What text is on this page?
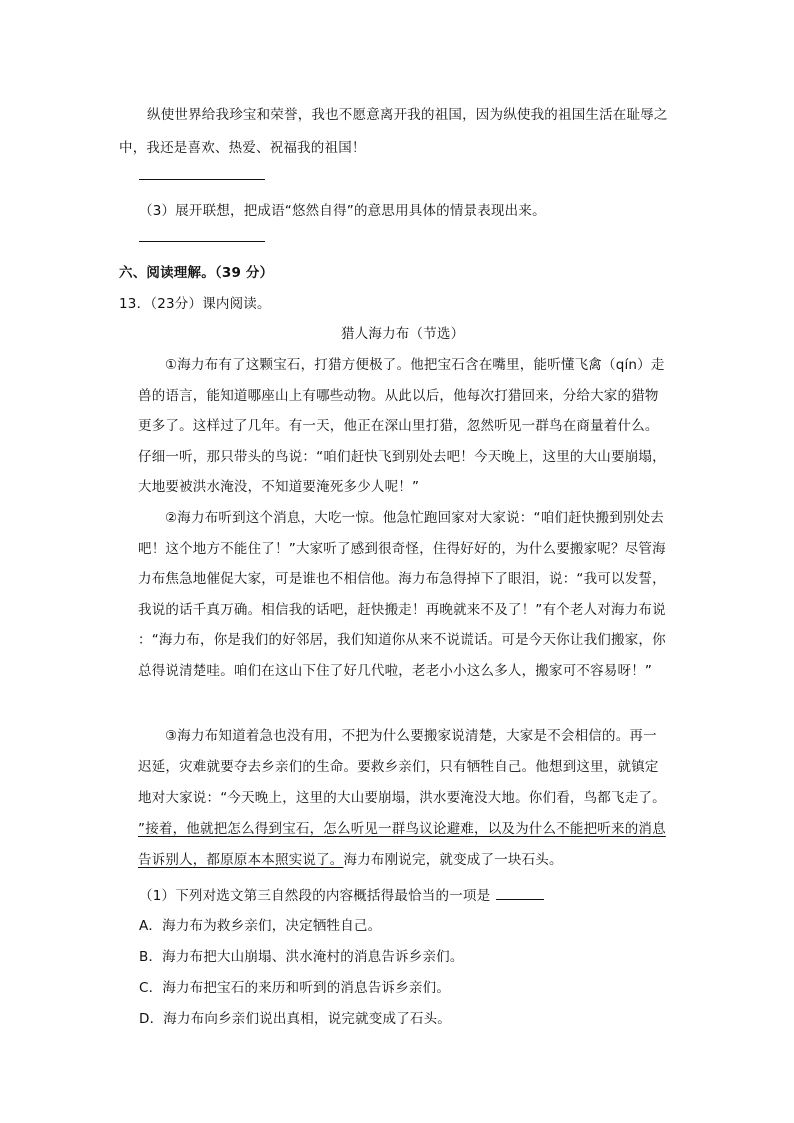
纵使世界给我珍宝和荣誉，我也不愿意离开我的祖国，因为纵使我的祖国生活在耻辱之
中，我还是喜欢、热爱、祝福我的祖国！
（3）展开联想，把成语“悠然自得”的意思用具体的情景表现出来。
六、阅读理解。（39 分）
13．（23分）课内阅读。
猎人海力布（节选）
①海力布有了这颗宝石，打猎方便极了。他把宝石含在嘴里，能听懂飞禽（qín）走
兽的语言，能知道哪座山上有哪些动物。从此以后，他每次打猎回来，分给大家的猎物
更多了。这样过了几年。有一天，他正在深山里打猎，忽然听见一群鸟在商量着什么。
仔细一听，那只带头的鸟说：“咱们赶快飞到别处去吧！今天晚上，这里的大山要崩塌，
大地要被洪水淹没，不知道要淹死多少人呢！”
②海力布听到这个消息，大吃一惊。他急忙跑回家对大家说：“咱们赶快搬到别处去
吧！这个地方不能住了！”大家听了感到很奇怪，住得好好的，为什么要搬家呢？尽管海
力布焦急地催促大家，可是谁也不相信他。海力布急得掉下了眼泪，说：“我可以发誓，
我说的话千真万确。相信我的话吧，赶快搬走！再晚就来不及了！”有个老人对海力布说
：“海力布，你是我们的好邻居，我们知道你从来不说谎话。可是今天你让我们搬家，你
总得说清楚哇。咱们在这山下住了好几代啦，老老小小这么多人，搬家可不容易呀！”
③海力布知道着急也没有用，不把为什么要搬家说清楚，大家是不会相信的。再一
迟延，灾难就要夺去乡亲们的生命。要救乡亲们，只有牺牲自己。他想到这里，就镇定
地对大家说：“今天晚上，这里的大山要崩塌，洪水要淹没大地。你们看，鸟都飞走了。
”接着，他就把怎么得到宝石，怎么听见一群鸟议论避难，以及为什么不能把听来的消息
告诉别人，都原原本本照实说了。海力布刚说完，就变成了一块石头。
（1）下列对选文第三自然段的内容概括得最恰当的一项是
A．海力布为救乡亲们，决定牺牲自己。
B．海力布把大山崩塌、洪水淹村的消息告诉乡亲们。
C．海力布把宝石的来历和听到的消息告诉乡亲们。
D．海力布向乡亲们说出真相，说完就变成了石头。
